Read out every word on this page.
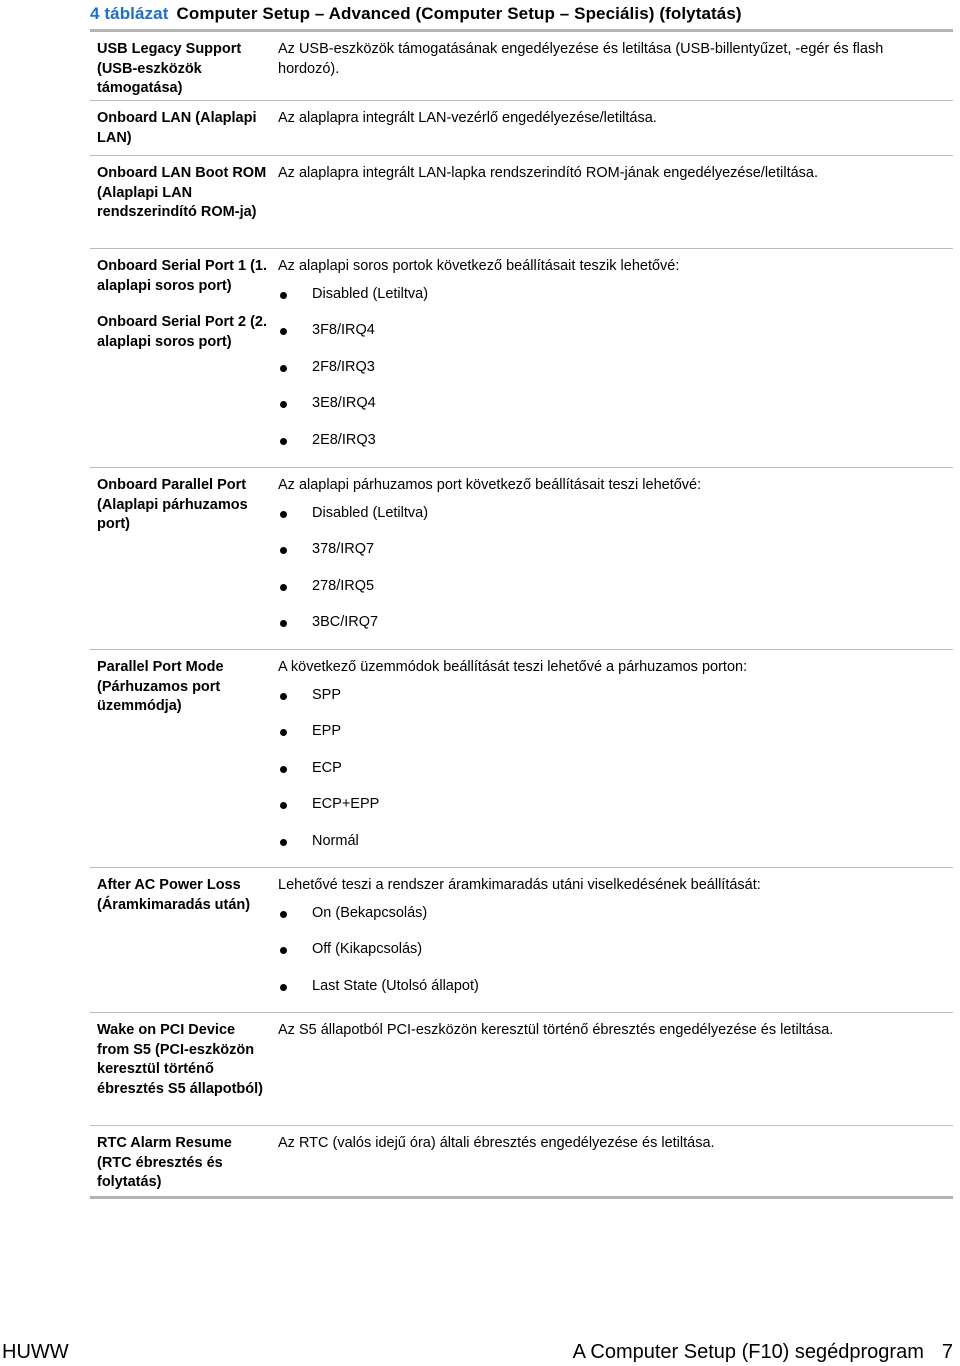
4 táblázat Computer Setup – Advanced (Computer Setup – Speciális) (folytatás)
USB Legacy Support (USB-eszközök támogatása)
Az USB-eszközök támogatásának engedélyezése és letiltása (USB-billentyűzet, -egér és flash hordozó).
Onboard LAN (Alaplapi LAN)
Az alaplapra integrált LAN-vezérlő engedélyezése/letiltása.
Onboard LAN Boot ROM (Alaplapi LAN rendszerindító ROM-ja)
Az alaplapra integrált LAN-lapka rendszerindító ROM-jának engedélyezése/letiltása.
Onboard Serial Port 1 (1. alaplapi soros port)
Onboard Serial Port 2 (2. alaplapi soros port)
Az alaplapi soros portok következő beállításait teszik lehetővé:
Disabled (Letiltva)
3F8/IRQ4
2F8/IRQ3
3E8/IRQ4
2E8/IRQ3
Onboard Parallel Port (Alaplapi párhuzamos port)
Az alaplapi párhuzamos port következő beállításait teszi lehetővé:
Disabled (Letiltva)
378/IRQ7
278/IRQ5
3BC/IRQ7
Parallel Port Mode (Párhuzamos port üzemmódja)
A következő üzemmódok beállítását teszi lehetővé a párhuzamos porton:
SPP
EPP
ECP
ECP+EPP
Normál
After AC Power Loss (Áramkimaradás után)
Lehetővé teszi a rendszer áramkimaradás utáni viselkedésének beállítását:
On (Bekapcsolás)
Off (Kikapcsolás)
Last State (Utolsó állapot)
Wake on PCI Device from S5 (PCI-eszközön keresztül történő ébresztés S5 állapotból)
Az S5 állapotból PCI-eszközön keresztül történő ébresztés engedélyezése és letiltása.
RTC Alarm Resume (RTC ébresztés és folytatás)
Az RTC (valós idejű óra) általi ébresztés engedélyezése és letiltása.
HUWW	A Computer Setup (F10) segédprogram 7
